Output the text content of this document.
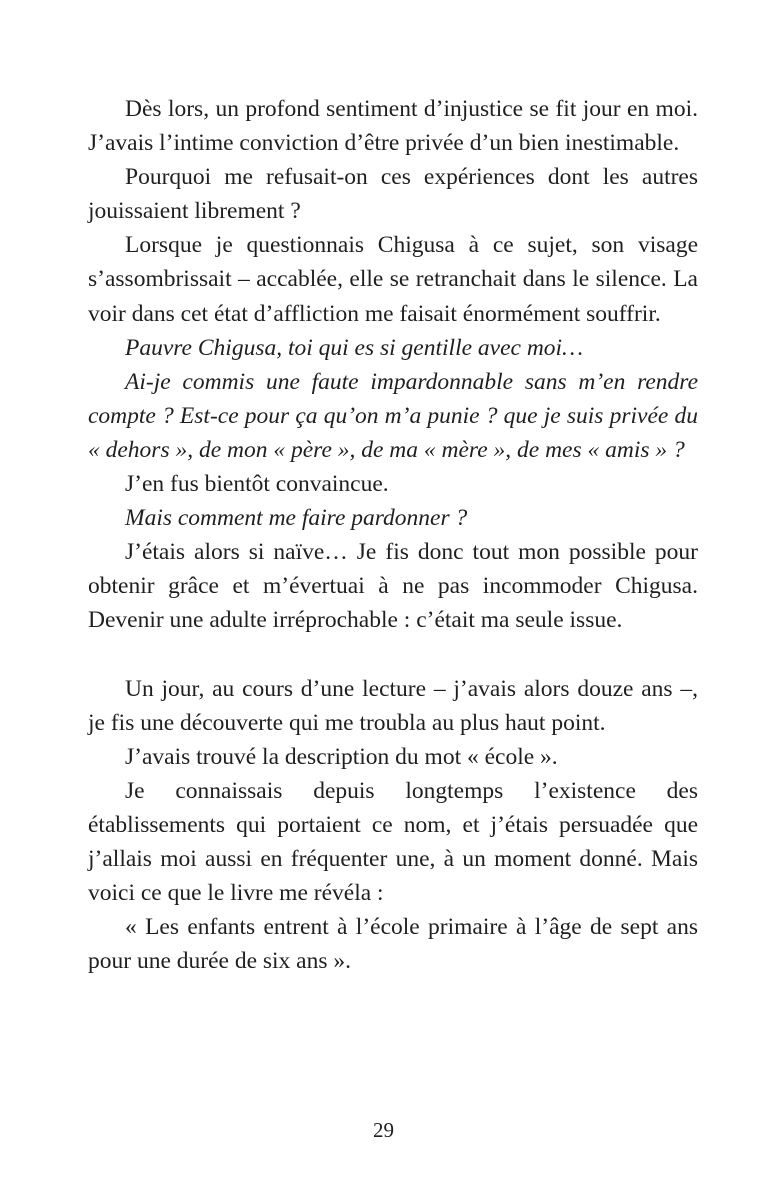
Dès lors, un profond sentiment d’injustice se fit jour en moi. J’avais l’intime conviction d’être privée d’un bien inestimable.

Pourquoi me refusait-on ces expériences dont les autres jouissaient librement ?

Lorsque je questionnais Chigusa à ce sujet, son visage s’assombrissait – accablée, elle se retranchait dans le silence. La voir dans cet état d’affliction me faisait énormément souffrir.

Pauvre Chigusa, toi qui es si gentille avec moi…

Ai-je commis une faute impardonnable sans m’en rendre compte ? Est-ce pour ça qu’on m’a punie ? que je suis privée du « dehors », de mon « père », de ma « mère », de mes « amis » ?

J’en fus bientôt convaincue.

Mais comment me faire pardonner ?

J’étais alors si naïve… Je fis donc tout mon possible pour obtenir grâce et m’évertuai à ne pas incommoder Chigusa. Devenir une adulte irréprochable : c’était ma seule issue.

Un jour, au cours d’une lecture – j’avais alors douze ans –, je fis une découverte qui me troubla au plus haut point.

J’avais trouvé la description du mot « école ».

Je connaissais depuis longtemps l’existence des établissements qui portaient ce nom, et j’étais persuadée que j’allais moi aussi en fréquenter une, à un moment donné. Mais voici ce que le livre me révéla :

« Les enfants entrent à l’école primaire à l’âge de sept ans pour une durée de six ans ».

29
